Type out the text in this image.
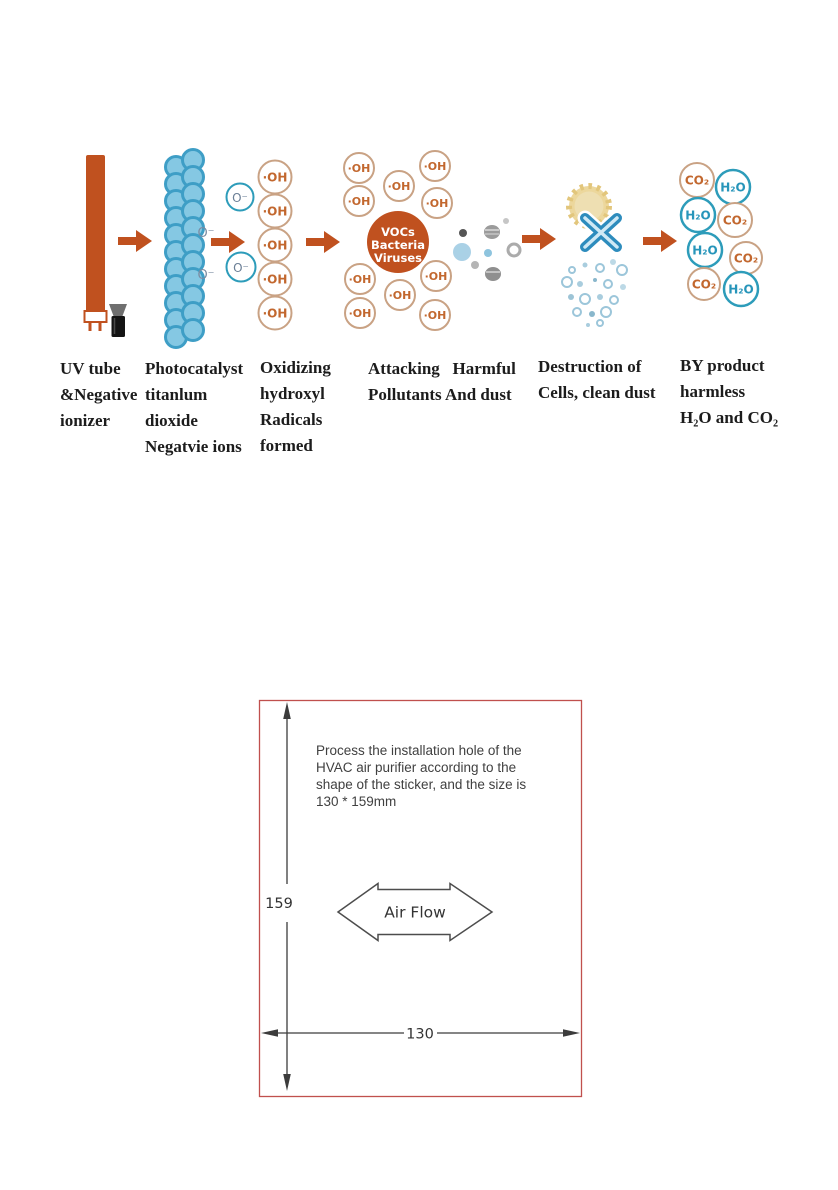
O⁻
O⁻
O⁻
O⁻
·OH
·OH
·OH
·OH
·OH
·OH
·OH
·OH
·OH	·OH
·OH	·OH
·OH
·OH	·OH
VOCs
Bacteria
Viruses
CO₂ H₂O
H₂O CO₂
H₂O
CO₂
CO₂ H₂O
UV tube
&Negative
ionizer
Photocatalyst
titanlum
dioxide
Negatvie ions
Oxidizing
hydroxyl
Radicals
formed
Attacking   Harmful
Pollutants And dust
Destruction of
Cells, clean dust
BY product
harmless
H₂O and CO₂
159
130
Air Flow
Process the installation hole of the
HVAC air purifier according to the
shape of the sticker, and the size is
130 * 159mm
